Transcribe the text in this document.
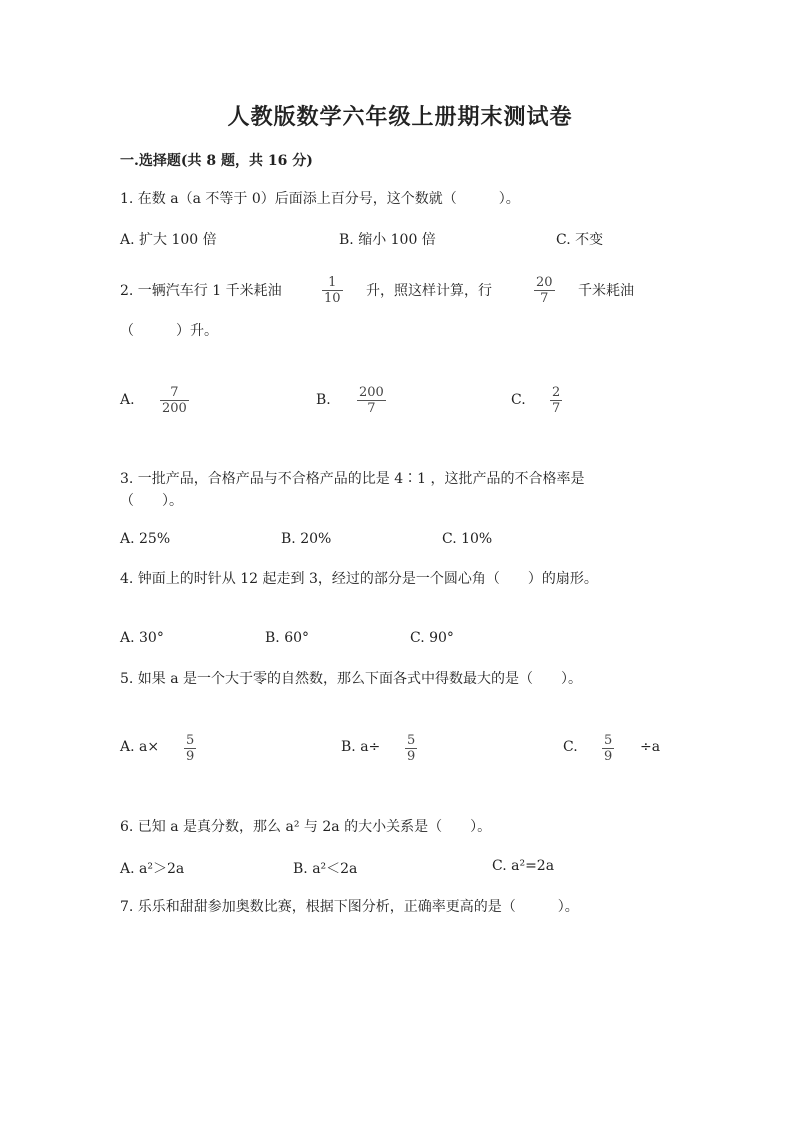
人教版数学六年级上册期末测试卷
一.选择题(共 8 题，共 16 分)
1. 在数 a（a 不等于 0）后面添上百分号，这个数就（　　　）。
A. 扩大 100 倍	B. 缩小 100 倍	C. 不变
2. 一辆汽车行 1 千米耗油	$\frac{1}{10}$ 升，照这样计算，行	$\frac{20}{7}$ 千米耗油
（　　　）升。
A. $\frac{7}{200}$	B. $\frac{200}{7}$	C. $\frac{2}{7}$
3. 一批产品，合格产品与不合格产品的比是 4∶1 ，这批产品的不合格率是
（　　）。
A. 25%	B. 20%	C. 10%
4. 钟面上的时针从 12 起走到 3，经过的部分是一个圆心角（　　）的扇形。
A. 30°	B. 60°	C. 90°
5. 如果 a 是一个大于零的自然数，那么下面各式中得数最大的是（　　）。
A. $a\times \frac{5}{9}$	B. $a\div \frac{5}{9}$	C. $\frac{5}{9} \div a$
6. 已知 a 是真分数，那么 a² 与 2a 的大小关系是（　　）。
A. a²＞2a	B. a²＜2a	C. a²=2a
7. 乐乐和甜甜参加奥数比赛，根据下图分析，正确率更高的是（　　　）。
